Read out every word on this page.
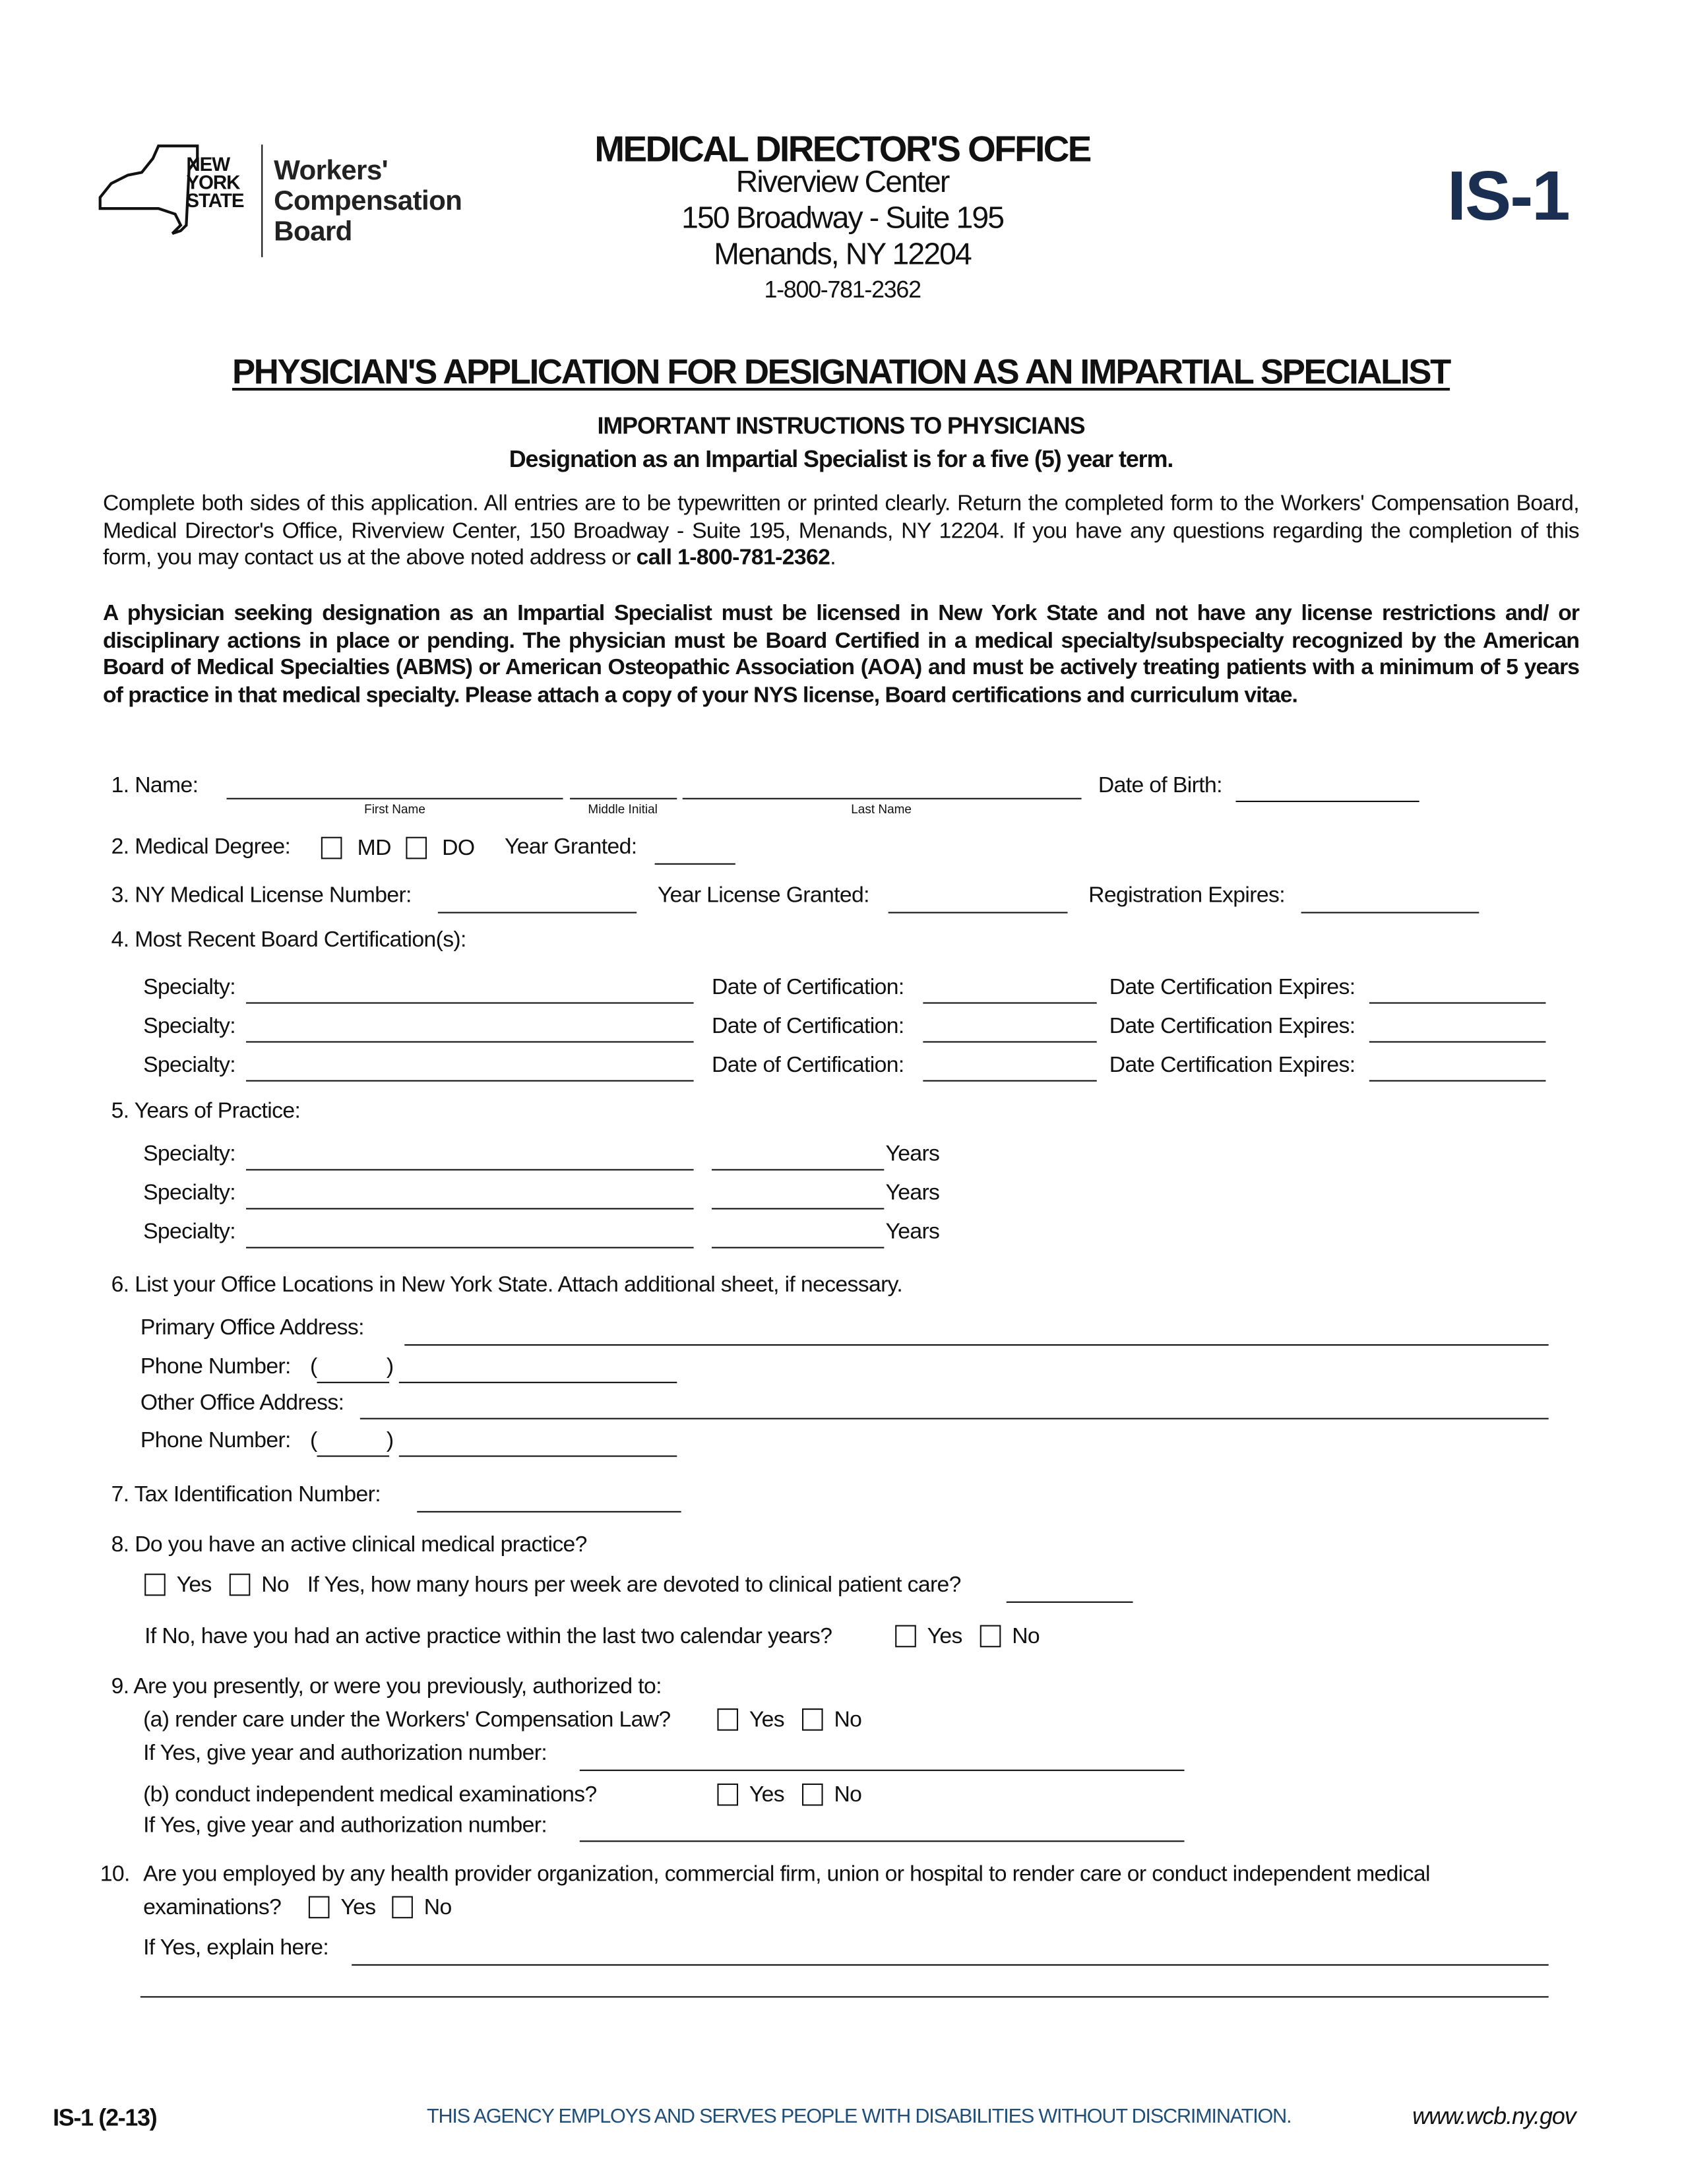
NEW
YORK
STATE
Workers'
Compensation
Board
MEDICAL DIRECTOR'S OFFICE
Riverview Center
150 Broadway - Suite 195
Menands, NY 12204
1-800-781-2362
IS-1
PHYSICIAN'S APPLICATION FOR DESIGNATION AS AN IMPARTIAL SPECIALIST
IMPORTANT INSTRUCTIONS TO PHYSICIANS
Designation as an Impartial Specialist is for a five (5) year term.
Complete both sides of this application. All entries are to be typewritten or printed clearly. Return the completed form to the Workers' Compensation Board, Medical Director's Office, Riverview Center, 150 Broadway - Suite 195, Menands, NY 12204. If you have any questions regarding the completion of this form, you may contact us at the above noted address or call 1-800-781-2362.
A physician seeking designation as an Impartial Specialist must be licensed in New York State and not have any license restrictions and/ or disciplinary actions in place or pending. The physician must be Board Certified in a medical specialty/subspecialty recognized by the American Board of Medical Specialties (ABMS) or American Osteopathic Association (AOA) and must be actively treating patients with a minimum of 5 years of practice in that medical specialty. Please attach a copy of your NYS license, Board certifications and curriculum vitae.
1. Name:
First Name	Middle Initial	Last Name
Date of Birth:
2. Medical Degree:	MD	DO	Year Granted:
3. NY Medical License Number:	Year License Granted:	Registration Expires:
4. Most Recent Board Certification(s):
Specialty:	Date of Certification:	Date Certification Expires:
Specialty:	Date of Certification:	Date Certification Expires:
Specialty:	Date of Certification:	Date Certification Expires:
5. Years of Practice:
Specialty:	Years
Specialty:	Years
Specialty:	Years
6. List your Office Locations in New York State. Attach additional sheet, if necessary.
Primary Office Address:
Phone Number: (	)
Other Office Address:
Phone Number: (	)
7. Tax Identification Number:
8. Do you have an active clinical medical practice?
Yes	No If Yes, how many hours per week are devoted to clinical patient care?
If No, have you had an active practice within the last two calendar years?	Yes	No
9. Are you presently, or were you previously, authorized to:
(a) render care under the Workers' Compensation Law?	Yes	No
If Yes, give year and authorization number:
(b) conduct independent medical examinations?	Yes	No
If Yes, give year and authorization number:
10. Are you employed by any health provider organization, commercial firm, union or hospital to render care or conduct independent medical
examinations?	Yes	No
If Yes, explain here:
IS-1 (2-13)	THIS AGENCY EMPLOYS AND SERVES PEOPLE WITH DISABILITIES WITHOUT DISCRIMINATION.	www.wcb.ny.gov
